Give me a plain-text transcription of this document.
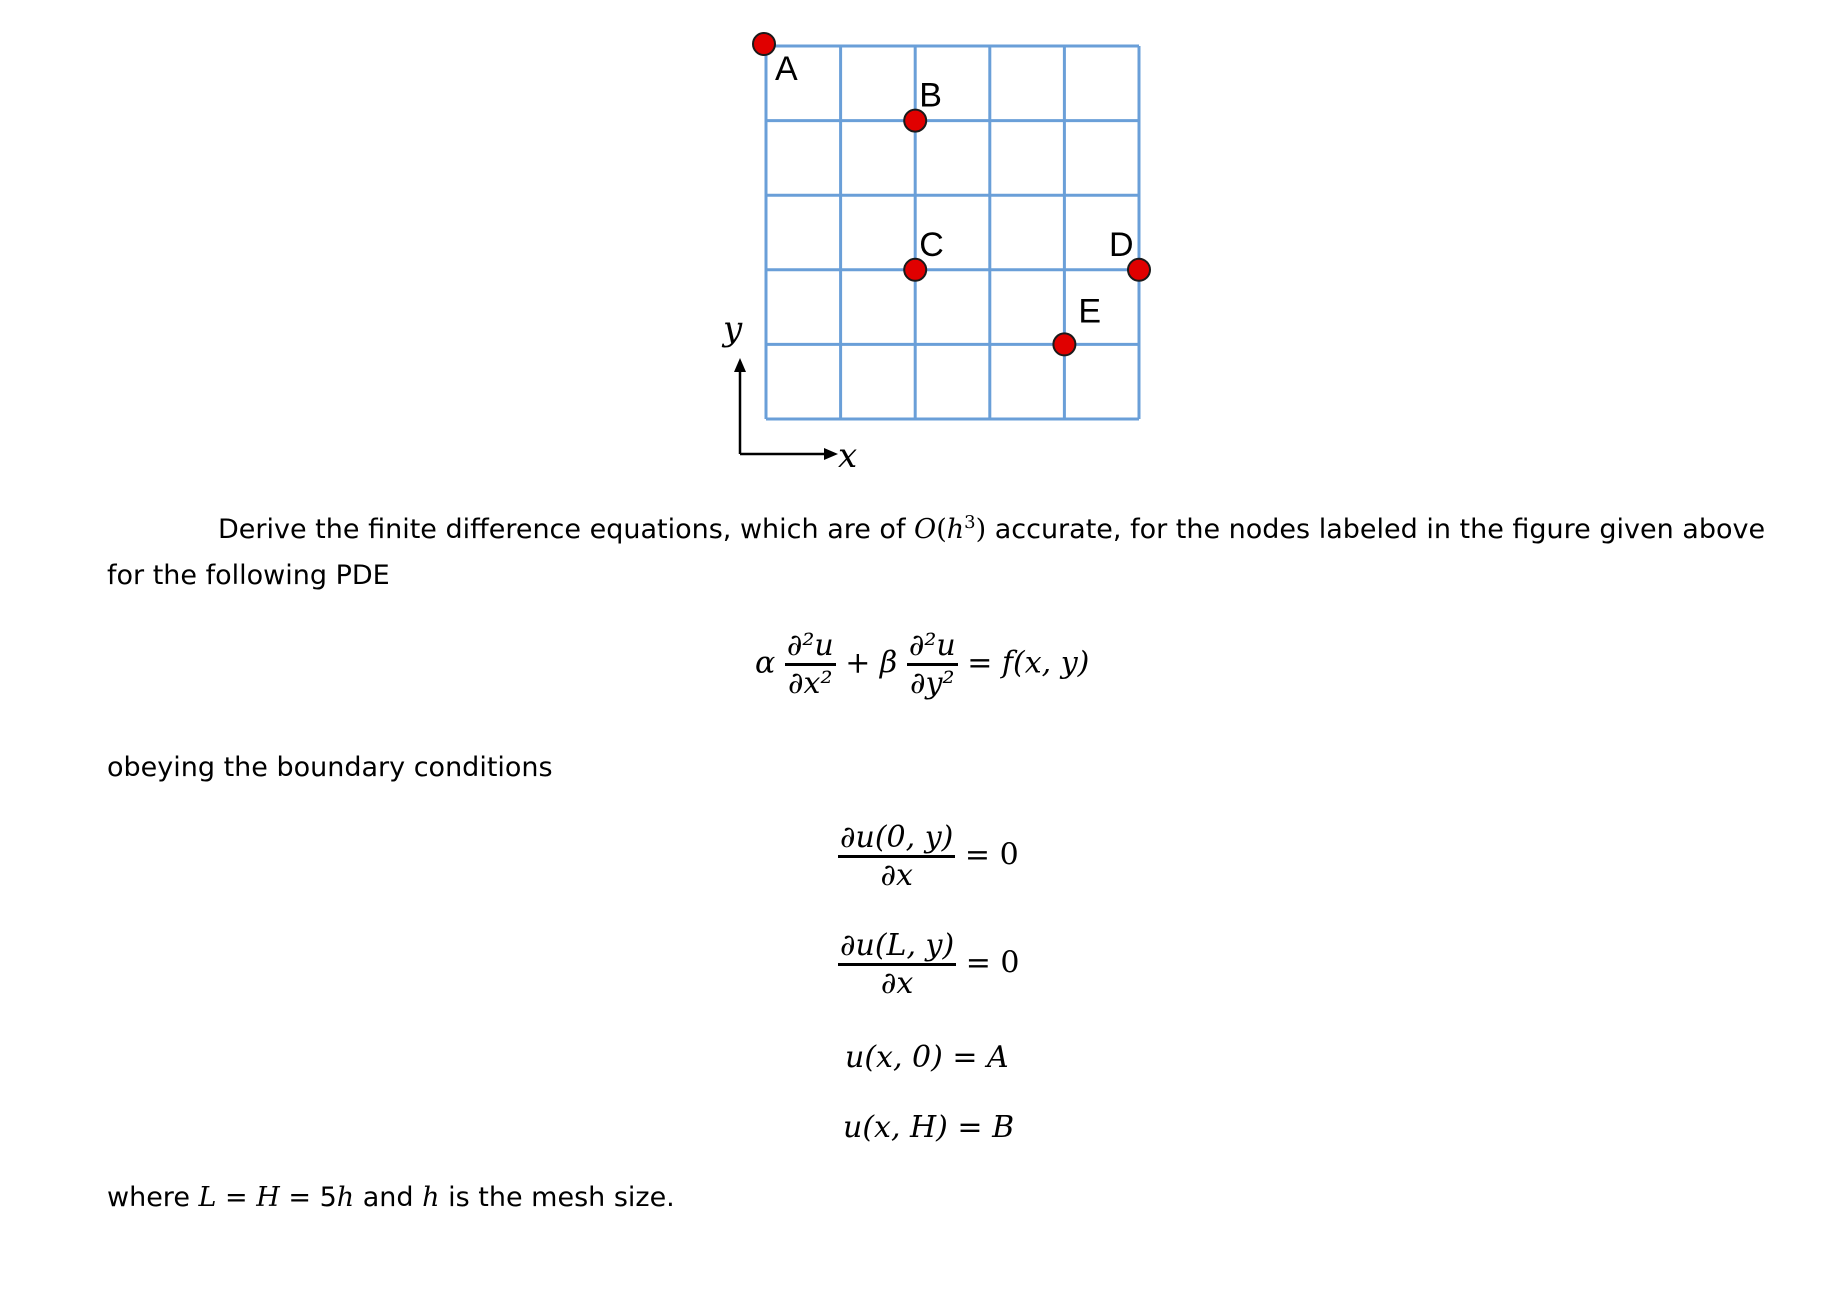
y
x
A
B
C	D
E
Derive the finite difference equations, which are of $O(h^3)$ accurate, for the nodes labeled in the figure given above
for the following PDE
α $\frac{\text{∂²u}}{\text{∂x²}} + \beta \frac{\text{∂²u}}{\text{∂y²}} = f(x$, y)
obeying the boundary conditions
$\frac{\partial u(0, y)}{\partial x} = 0$
$\frac{\partial u(L, y)}{\partial x} = 0$
u(x, 0) = A
u(x, H) = B
where L = H = 5h and h is the mesh size.
